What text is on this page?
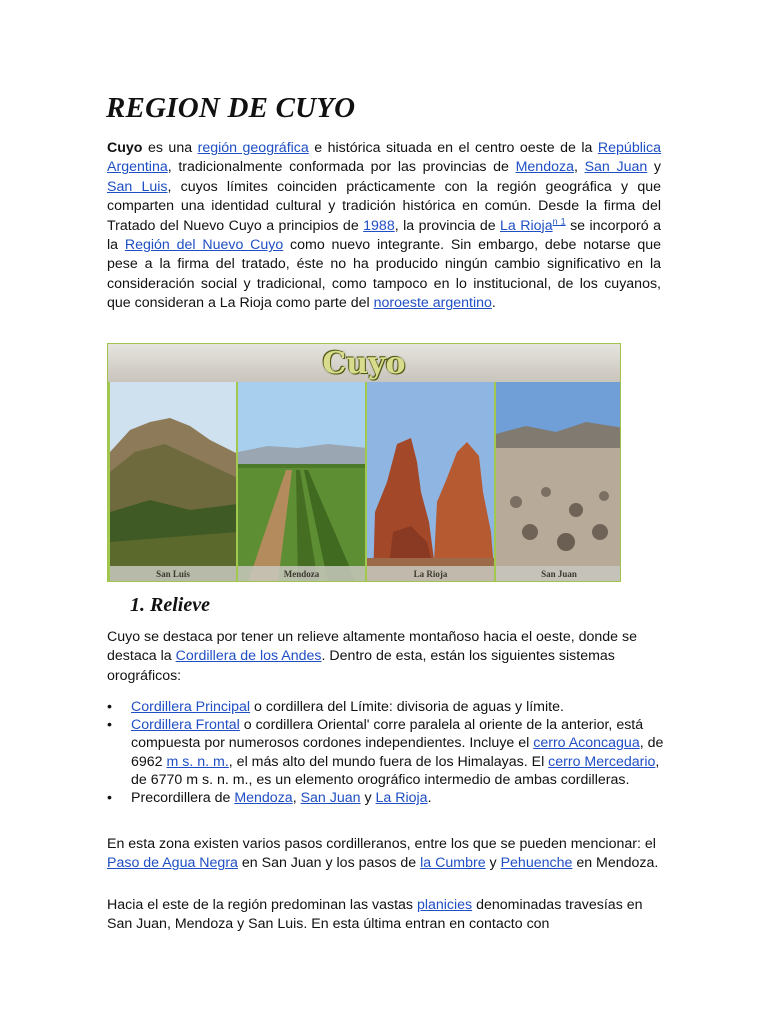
REGION DE CUYO

Cuyo es una región geográfica e histórica situada en el centro oeste de la República Argentina, tradicionalmente conformada por las provincias de Mendoza, San Juan y San Luis, cuyos límites coinciden prácticamente con la región geográfica y que comparten una identidad cultural y tradición histórica en común. Desde la firma del Tratado del Nuevo Cuyo a principios de 1988, la provincia de La Rioja$^{n 1}$ se incorporó a la Región del Nuevo Cuyo como nuevo integrante. Sin embargo, debe notarse que pese a la firma del tratado, éste no ha producido ningún cambio significativo en la consideración social y tradicional, como tampoco en lo institucional, de los cuyanos, que consideran a La Rioja como parte del noroeste argentino.

Cuyo
San Luis	Mendoza	La Rioja	San Juan
1. Relieve

Cuyo se destaca por tener un relieve altamente montañoso hacia el oeste, donde se destaca la Cordillera de los Andes. Dentro de esta, están los siguientes sistemas orográficos:

• Cordillera Principal o cordillera del Límite: divisoria de aguas y límite.
• Cordillera Frontal o cordillera Oriental' corre paralela al oriente de la anterior, está compuesta por numerosos cordones independientes. Incluye el cerro Aconcagua, de 6962 m s. n. m., el más alto del mundo fuera de los Himalayas. El cerro Mercedario, de 6770 m s. n. m., es un elemento orográfico intermedio de ambas cordilleras.
• Precordillera de Mendoza, San Juan y La Rioja.

En esta zona existen varios pasos cordilleranos, entre los que se pueden mencionar: el Paso de Agua Negra en San Juan y los pasos de la Cumbre y Pehuenche en Mendoza.

Hacia el este de la región predominan las vastas planicies denominadas travesías en San Juan, Mendoza y San Luis. En esta última entran en contacto con
